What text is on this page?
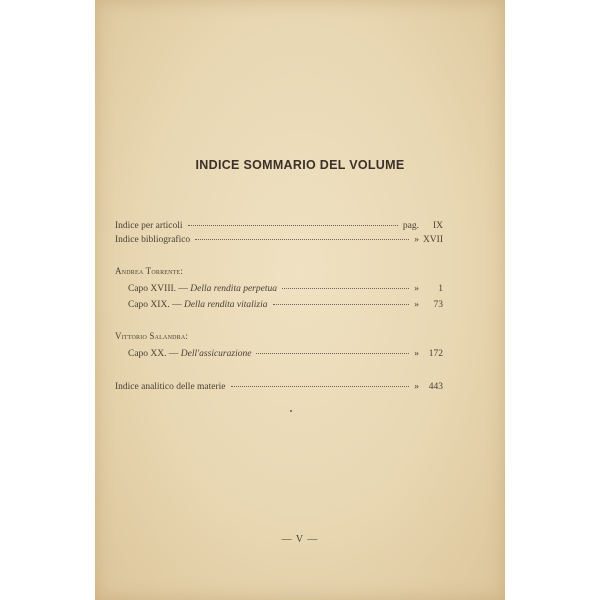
INDICE SOMMARIO DEL VOLUME
Indice per articoli	pag. IX
Indice bibliografico	» XVII
Andrea Torrente:
Capo XVIII. — Della rendita perpetua	» 1
Capo XIX. — Della rendita vitalizia	» 73
Vittorio Salandra:
Capo XX. — Dell'assicurazione	» 172
Indice analitico delle materie	» 443
— V —
